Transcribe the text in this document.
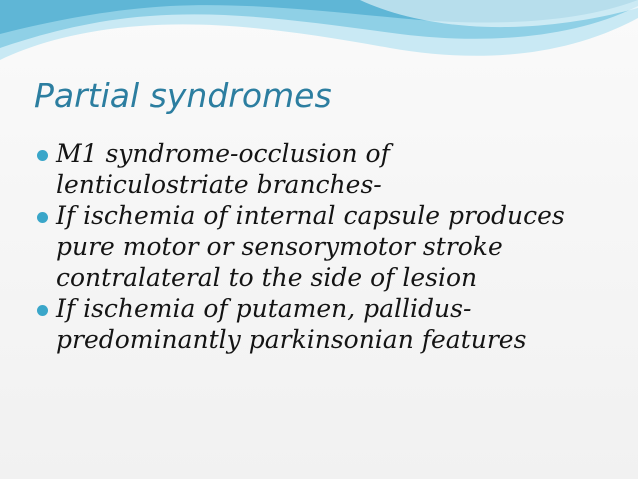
Partial syndromes
M1 syndrome-occlusion of lenticulostriate branches-
If ischemia of internal capsule produces pure motor or sensorymotor stroke contralateral to the side of lesion
If ischemia of putamen, pallidus- predominantly parkinsonian features
